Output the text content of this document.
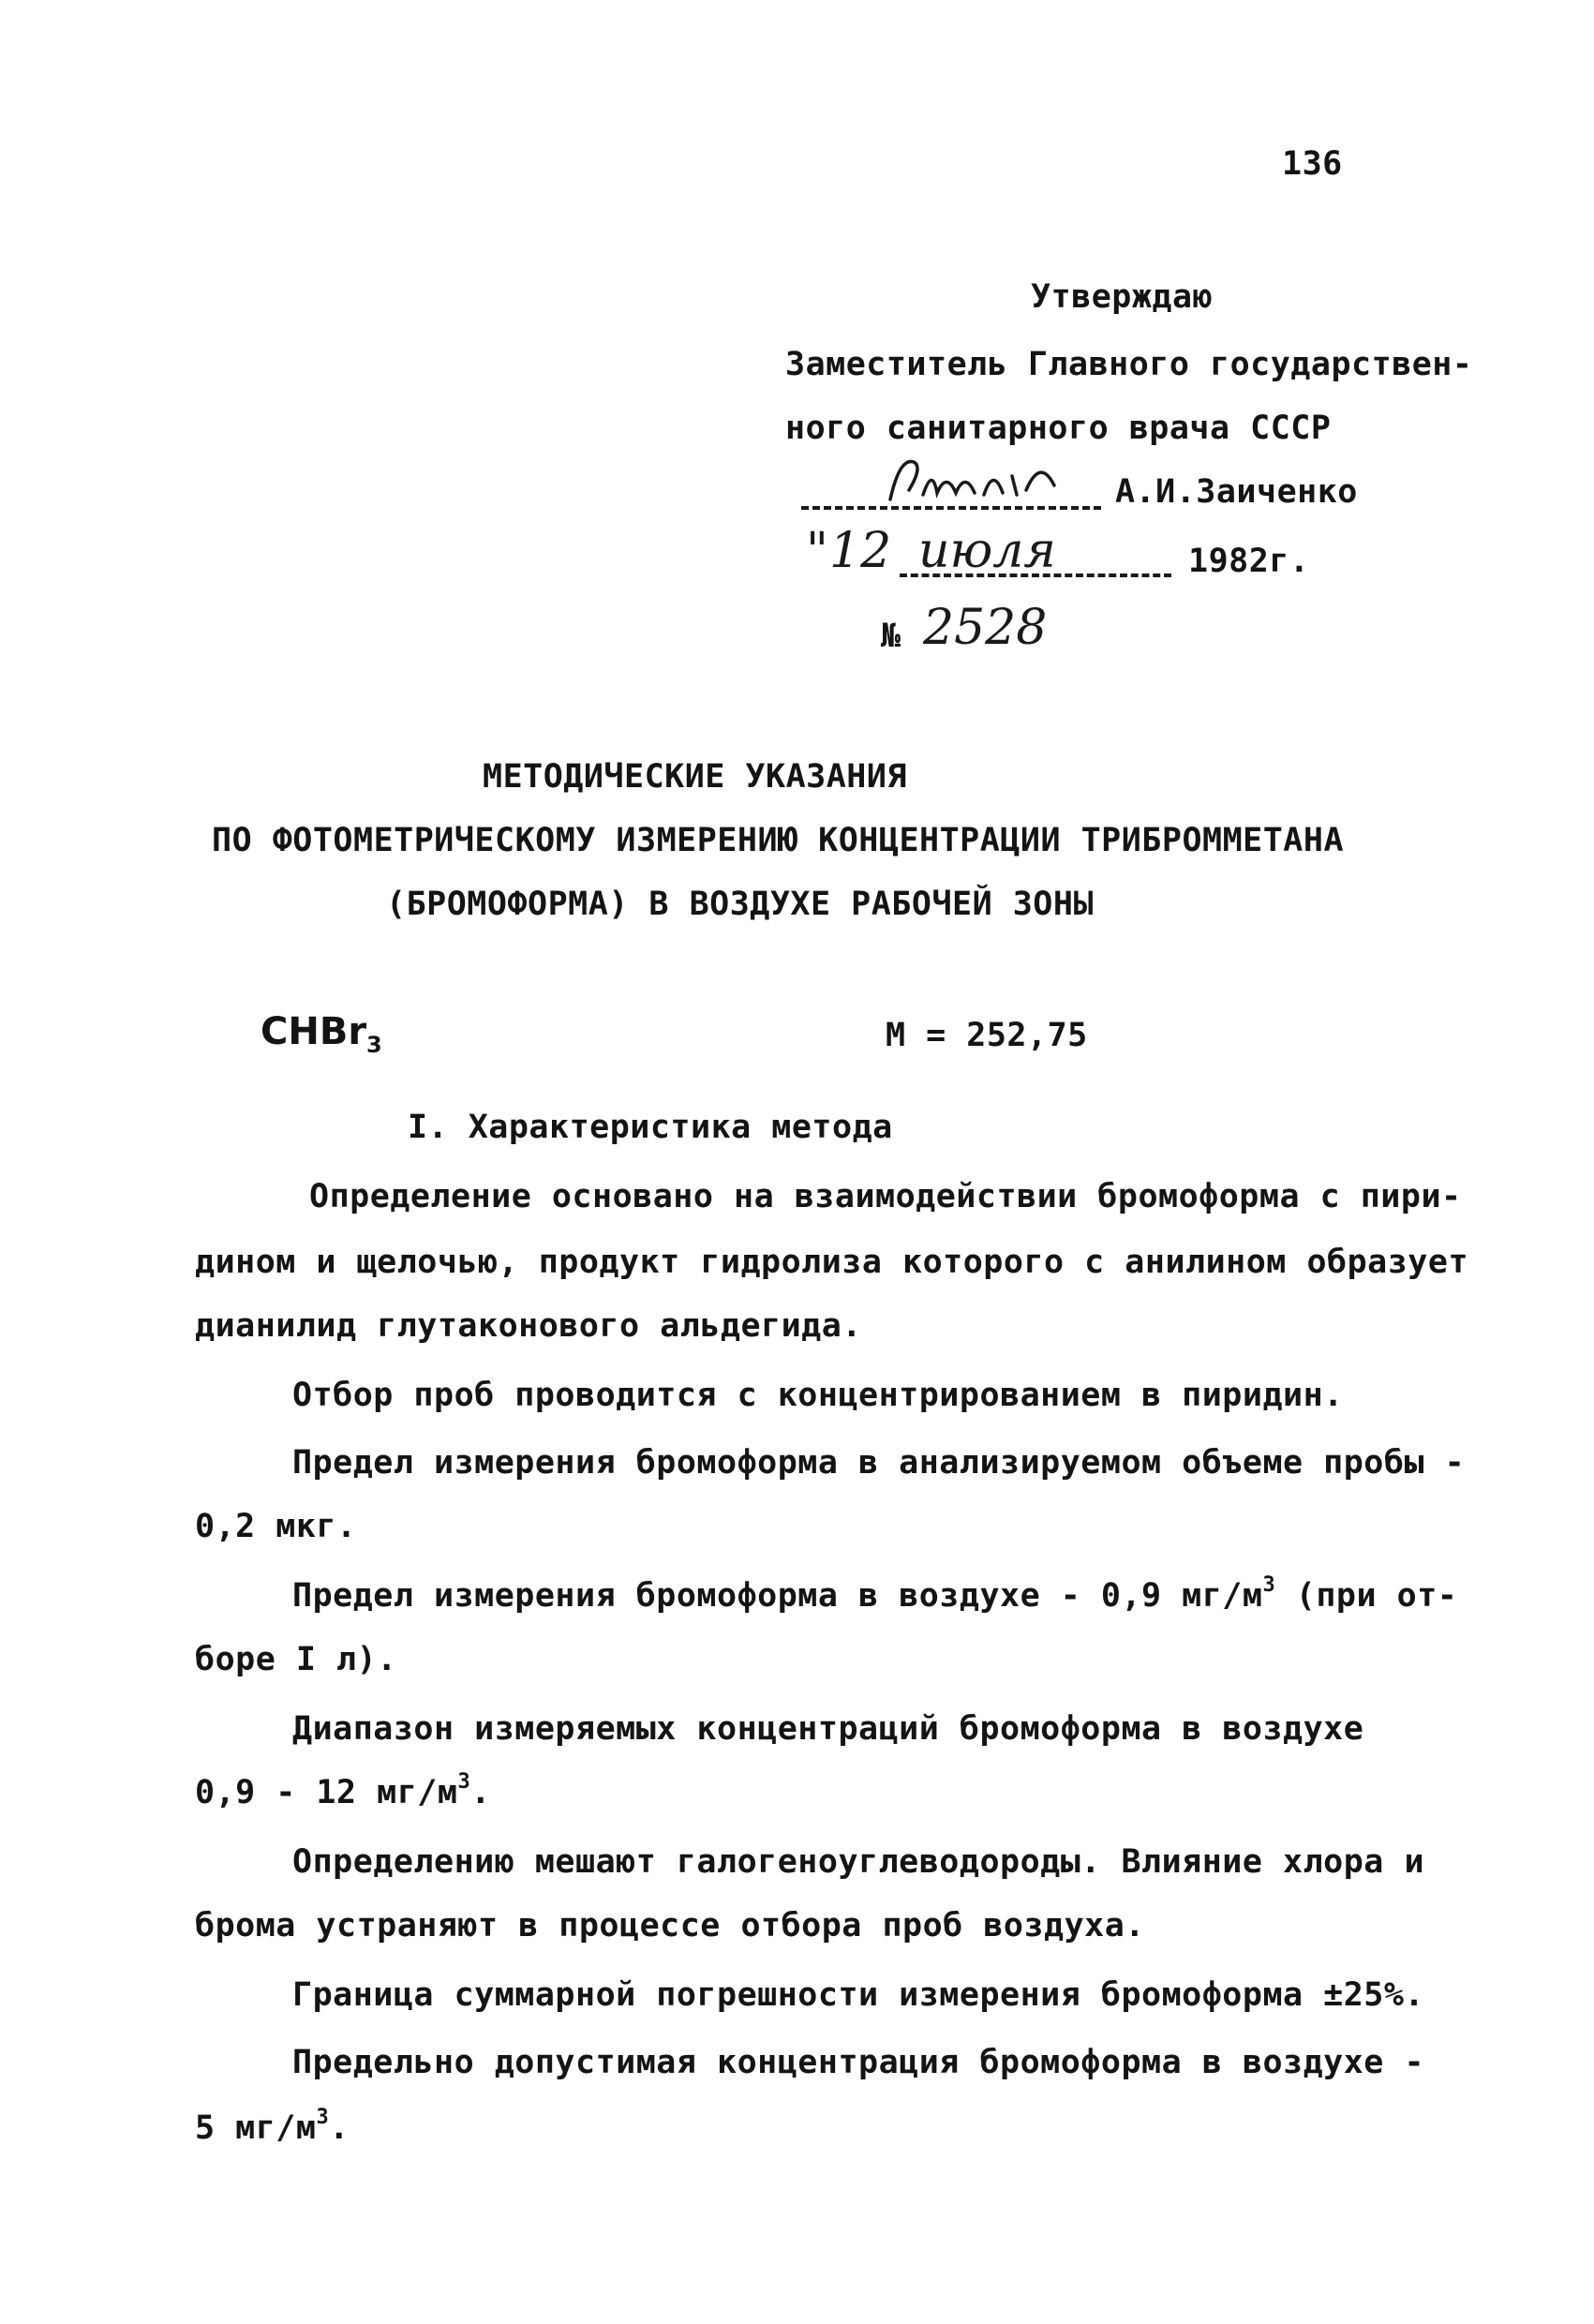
136
Утверждаю
Заместитель Главного государствен-
ного санитарного врача СССР
А.И.Заиченко
" 12 июля	1982г.
№ 2528
МЕТОДИЧЕСКИЕ УКАЗАНИЯ
ПО ФОТОМЕТРИЧЕСКОМУ ИЗМЕРЕНИЮ КОНЦЕНТРАЦИИ ТРИБРОММЕТАНА
(БРОМОФОРМА) В ВОЗДУХЕ РАБОЧЕЙ ЗОНЫ
CHBr$_3$	M = 252,75
I. Характеристика метода
Определение основано на взаимодействии бромоформа с пири-
дином и щелочью, продукт гидролиза которого с анилином образует
дианилид глутаконового альдегида.
Отбор проб проводится с концентрированием в пиридин.
Предел измерения бромоформа в анализируемом объеме пробы -
0,2 мкг.
Предел измерения бромоформа в воздухе - 0,9 $мг/м^3$ (при от-
боре I л).
Диапазон измеряемых концентраций бромоформа в воздухе
0,9 - 12 $мг/м^3$.
Определению мешают галогеноуглеводороды. Влияние хлора и
брома устраняют в процессе отбора проб воздуха.
Граница суммарной погрешности измерения бромоформа ±25%.
Предельно допустимая концентрация бромоформа в воздухе -
5 $мг/м^3$.
